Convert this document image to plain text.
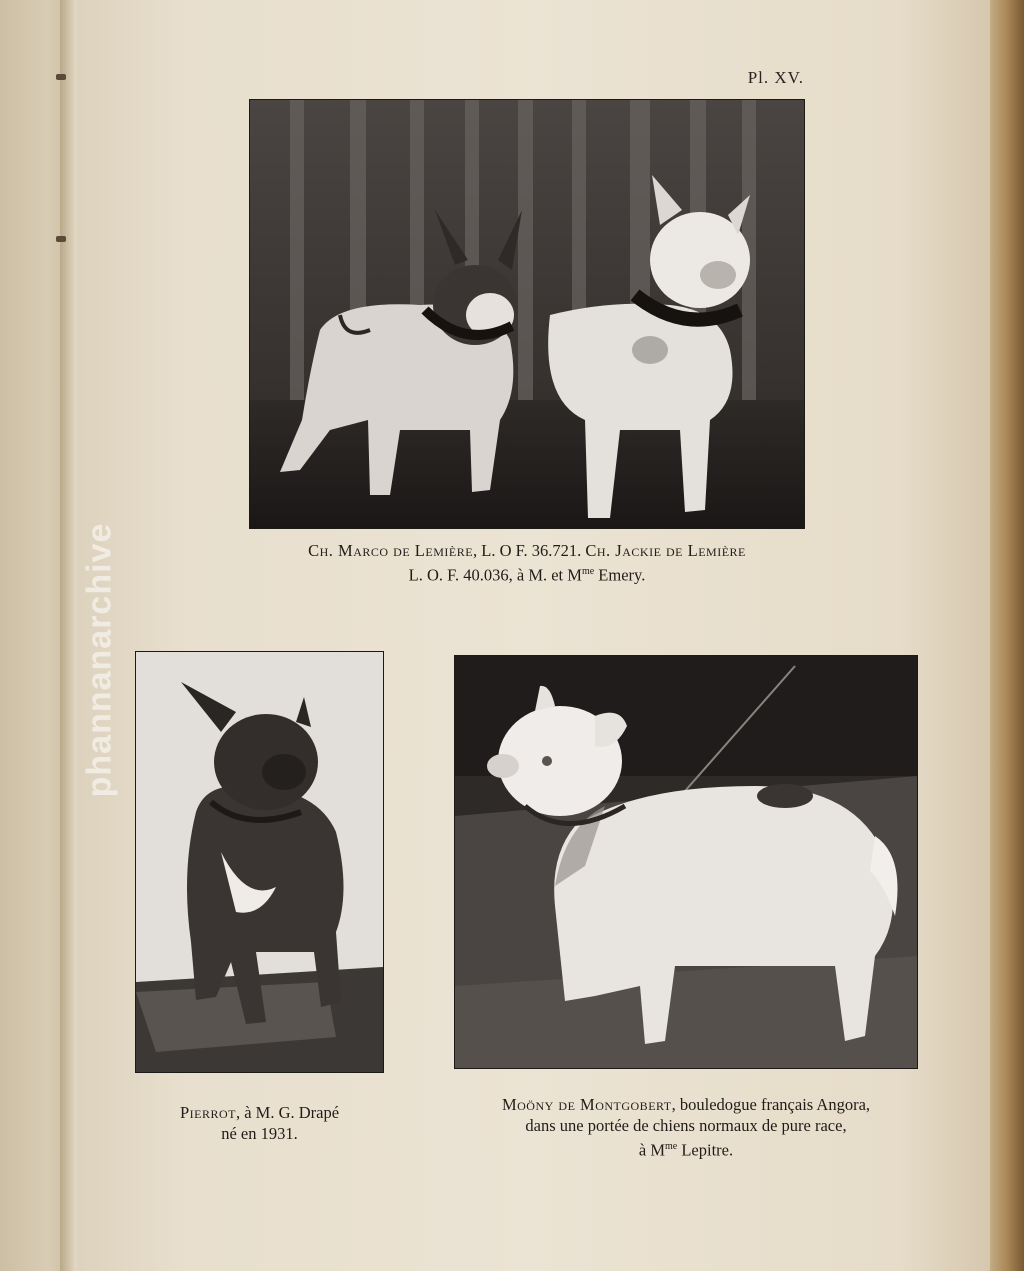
phannanarchive
Pl. XV.
Ch. Marco de Lemière, L. O F. 36.721. Ch. Jackie de Lemière
L. O. F. 40.036, à M. et $M^{me}$ Emery.
Pierrot, à M. G. Drapé
né en 1931.
Moöny de Montgobert, bouledogue français Angora,
dans une portée de chiens normaux de pure race,
à $M^{me}$ Lepitre.
